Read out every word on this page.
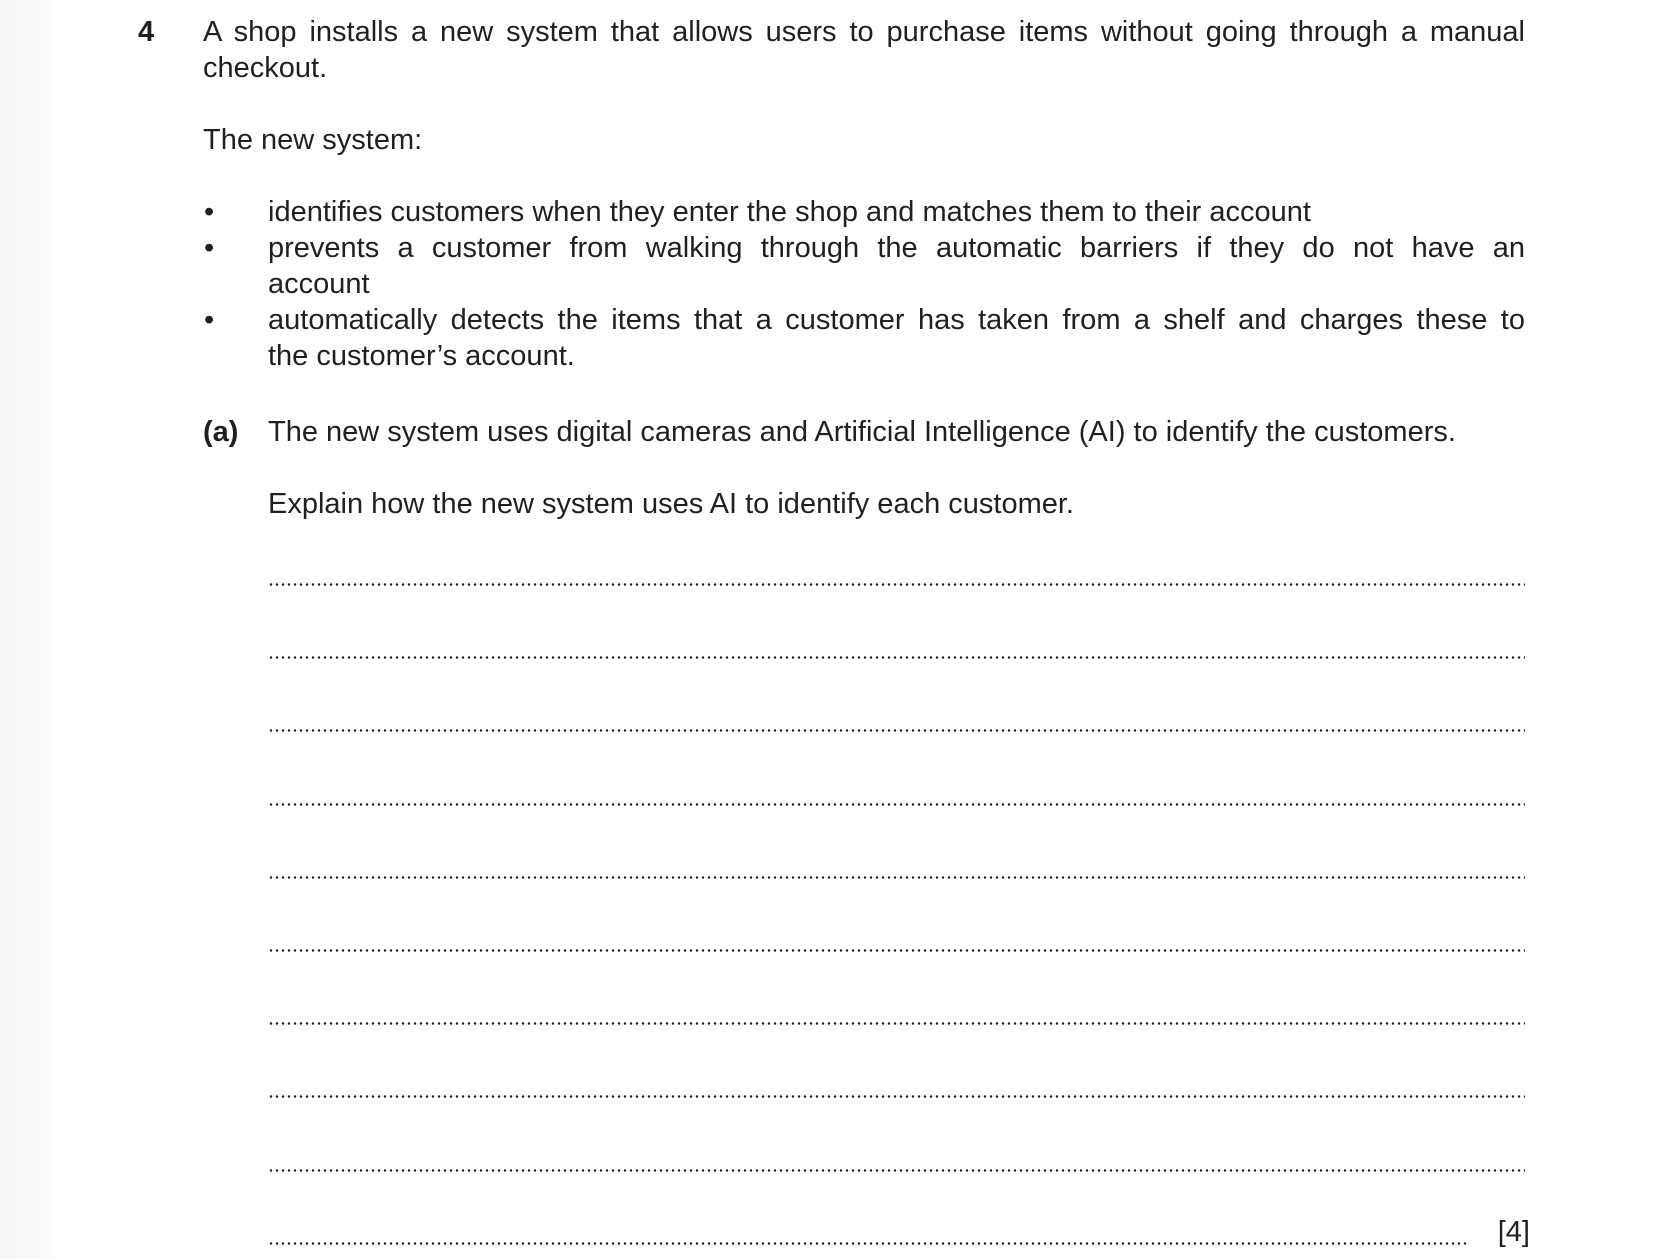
4 A shop installs a new system that allows users to purchase items without going through a manual
checkout.
The new system:
• identifies customers when they enter the shop and matches them to their account
• prevents a customer from walking through the automatic barriers if they do not have an
account
• automatically detects the items that a customer has taken from a shelf and charges these to
the customer’s account.
(a) The new system uses digital cameras and Artificial Intelligence (AI) to identify the customers.
Explain how the new system uses AI to identify each customer.
[4]
